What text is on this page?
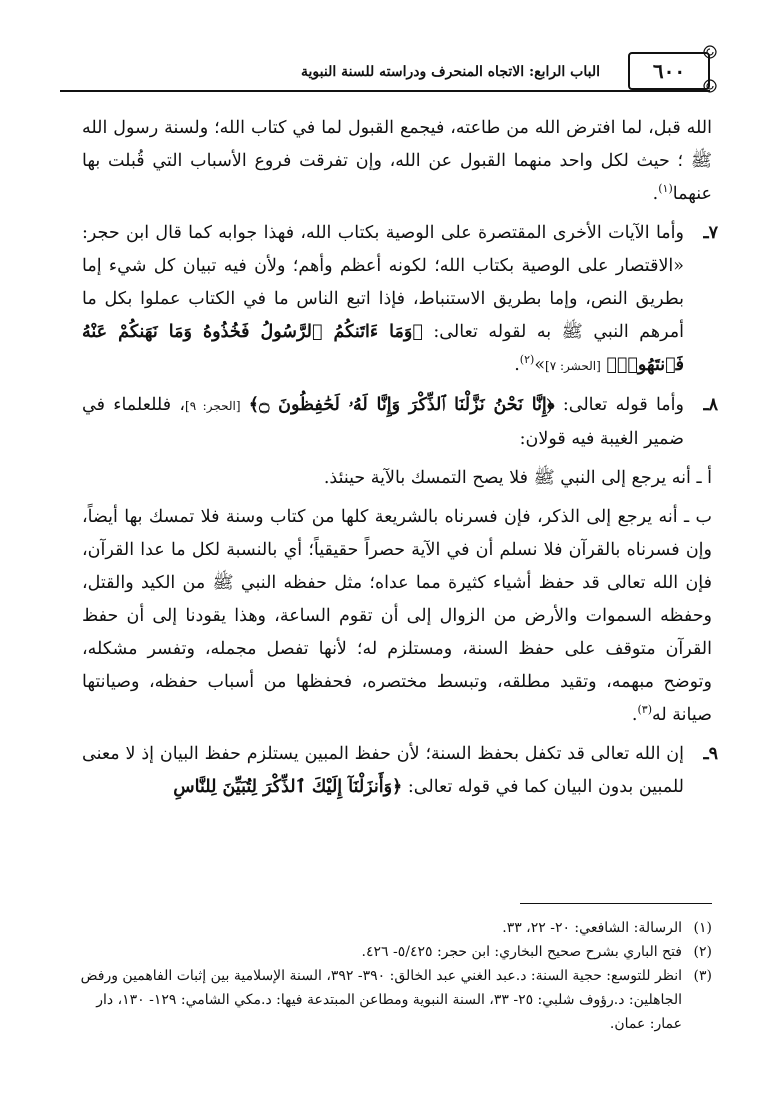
الباب الرابع: الاتجاه المنحرف ودراسته للسنة النبوية	٦٠٠

الله قبل، لما افترض الله من طاعته، فيجمع القبول لما في كتاب الله؛ ولسنة رسول الله ﷺ ؛ حيث لكل واحد منهما القبول عن الله، وإن تفرقت فروع الأسباب التي قُبلت بها عنهما$^{(١)}$.

٧ـ
وأما الآيات الأخرى المقتصرة على الوصية بكتاب الله، فهذا جوابه كما قال ابن حجر: «الاقتصار على الوصية بكتاب الله؛ لكونه أعظم وأهم؛ ولأن فيه تبيان كل شيء إما بطريق النص، وإما بطريق الاستنباط، فإذا اتبع الناس ما في الكتاب عملوا بكل ما أمرهم النبي ﷺ به لقوله تعالى: ﴿وَمَا ءَاتَنكُمُ ٱلرَّسُولُ فَخُذُوهُ وَمَا نَهَنكُمْ عَنْهُ فَٱنتَهُوا۟﴾ [الحشر: ٧]»$^{(٢)}$.

٨ـ
وأما قوله تعالى: ﴿إِنَّا نَحْنُ نَزَّلْنَا ٱلذِّكْرَ وَإِنَّا لَهُۥ لَحَٰفِظُونَ ۝﴾ [الحجر: ٩]، فللعلماء في ضمير الغيبة فيه قولان:

أ ـ أنه يرجع إلى النبي ﷺ فلا يصح التمسك بالآية حينئذ.

ب ـ أنه يرجع إلى الذكر، فإن فسرناه بالشريعة كلها من كتاب وسنة فلا تمسك بها أيضاً، وإن فسرناه بالقرآن فلا نسلم أن في الآية حصراً حقيقياً؛ أي بالنسبة لكل ما عدا القرآن، فإن الله تعالى قد حفظ أشياء كثيرة مما عداه؛ مثل حفظه النبي ﷺ من الكيد والقتل، وحفظه السموات والأرض من الزوال إلى أن تقوم الساعة، وهذا يقودنا إلى أن حفظ القرآن متوقف على حفظ السنة، ومستلزم له؛ لأنها تفصل مجمله، وتفسر مشكله، وتوضح مبهمه، وتقيد مطلقه، وتبسط مختصره، فحفظها من أسباب حفظه، وصيانتها صيانة له$^{(٣)}$.

٩ـ
إن الله تعالى قد تكفل بحفظ السنة؛ لأن حفظ المبين يستلزم حفظ البيان إذ لا معنى للمبين بدون البيان كما في قوله تعالى: ﴿وَأَنزَلْنَآ إِلَيْكَ ٱلذِّكْرَ لِتُبَيِّنَ لِلنَّاسِ

(١)
الرسالة: الشافعي: ٢٠- ٢٢، ٣٣.

(٢)
فتح الباري بشرح صحيح البخاري: ابن حجر: ٥/٤٢٥- ٤٢٦.

(٣)
انظر للتوسع: حجية السنة: د.عبد الغني عبد الخالق: ٣٩٠- ٣٩٢، السنة الإسلامية بين إثبات الفاهمين ورفض الجاهلين: د.رؤوف شلبي: ٢٥- ٣٣، السنة النبوية ومطاعن المبتدعة فيها: د.مكي الشامي: ١٢٩- ١٣٠، دار عمار: عمان.
